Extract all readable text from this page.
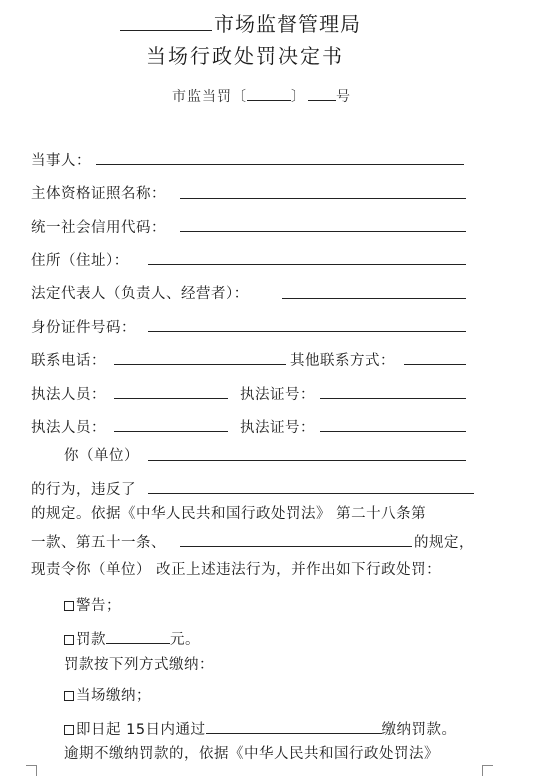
市场监督管理局
当场行政处罚决定书
市监当罚〔	〕 号
当事人：
主体资格证照名称：
统一社会信用代码：
住所（住址）：
法定代表人（负责人、经营者）：
身份证件号码：
联系电话：	其他联系方式：
执法人员：	执法证号：
执法人员：	执法证号：
你（单位）
的行为，违反了
的规定。依据《中华人民共和国行政处罚法》 第二十八条第
一款、第五十一条、	的规定，
现责令你（单位） 改正上述违法行为，并作出如下行政处罚：
警告；
罚款	元。
罚款按下列方式缴纳：
当场缴纳；
即日起 15日内通过	缴纳罚款。
逾期不缴纳罚款的，依据《中华人民共和国行政处罚法》
